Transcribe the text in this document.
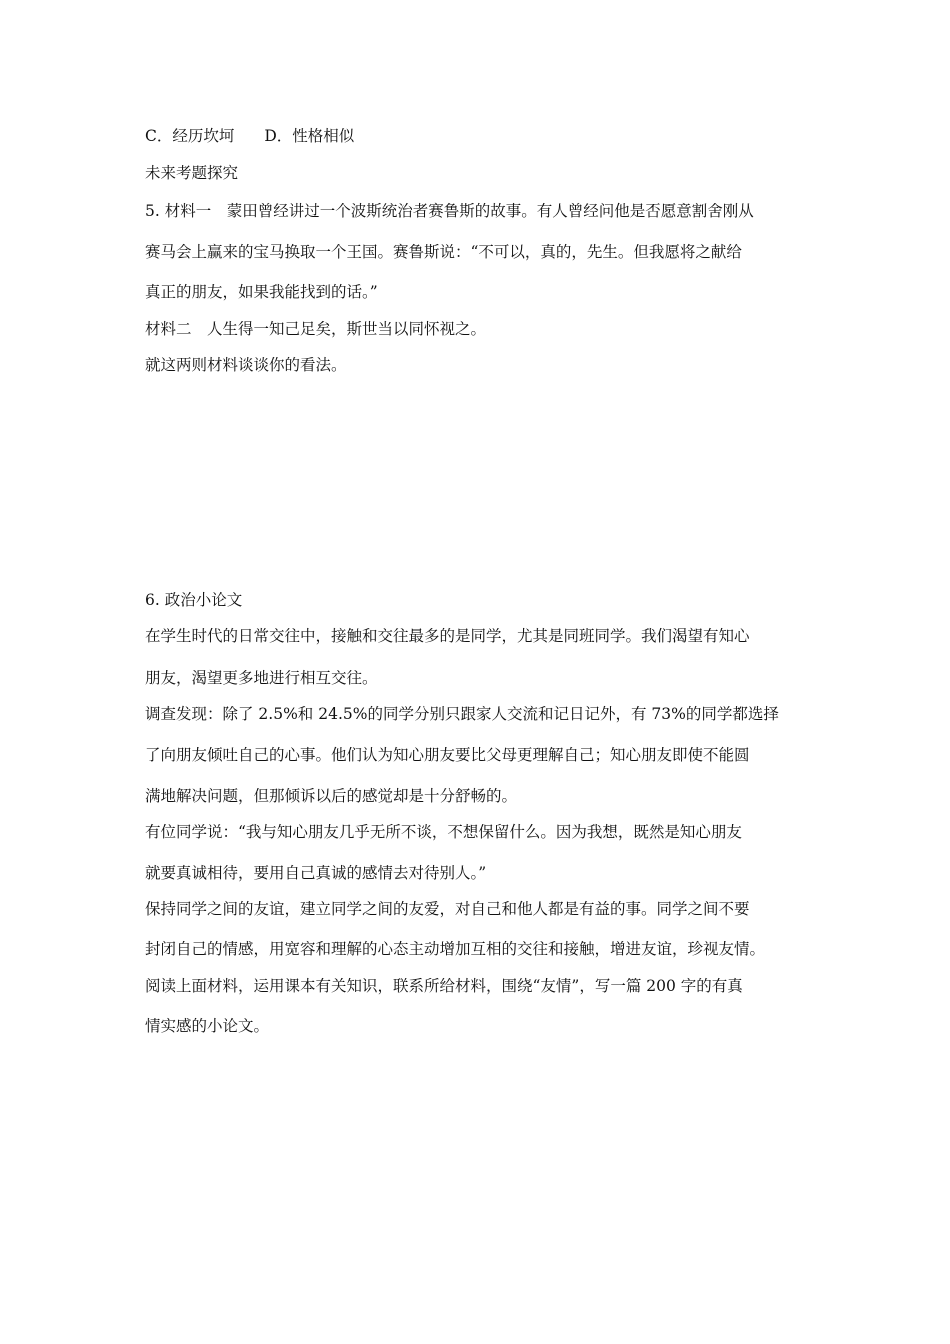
C．经历坎坷 D．性格相似
未来考题探究
5. 材料一　蒙田曾经讲过一个波斯统治者赛鲁斯的故事。有人曾经问他是否愿意割舍刚从
赛马会上赢来的宝马换取一个王国。赛鲁斯说：“不可以，真的，先生。但我愿将之献给
真正的朋友，如果我能找到的话。”
材料二　人生得一知己足矣，斯世当以同怀视之。
就这两则材料谈谈你的看法。
6. 政治小论文
在学生时代的日常交往中，接触和交往最多的是同学，尤其是同班同学。我们渴望有知心
朋友，渴望更多地进行相互交往。
调查发现：除了 2.5%和 24.5%的同学分别只跟家人交流和记日记外，有 73%的同学都选择
了向朋友倾吐自己的心事。他们认为知心朋友要比父母更理解自己；知心朋友即使不能圆
满地解决问题，但那倾诉以后的感觉却是十分舒畅的。
有位同学说：“我与知心朋友几乎无所不谈，不想保留什么。因为我想，既然是知心朋友
就要真诚相待，要用自己真诚的感情去对待别人。”
保持同学之间的友谊，建立同学之间的友爱，对自己和他人都是有益的事。同学之间不要
封闭自己的情感，用宽容和理解的心态主动增加互相的交往和接触，增进友谊，珍视友情。
阅读上面材料，运用课本有关知识，联系所给材料，围绕“友情”，写一篇 200 字的有真
情实感的小论文。
